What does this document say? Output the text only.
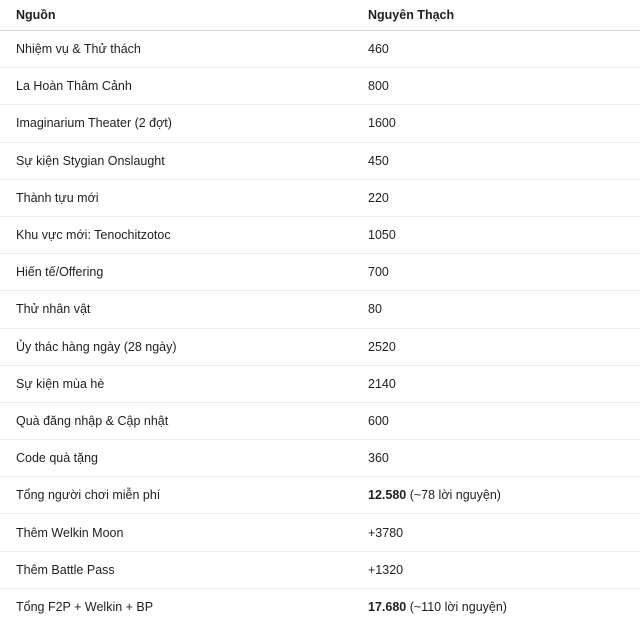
Nguồn	Nguyên Thạch
Nhiệm vụ & Thử thách	460
La Hoàn Thâm Cảnh	800
Imaginarium Theater (2 đợt)	1600
Sự kiện Stygian Onslaught	450
Thành tựu mới	220
Khu vực mới: Tenochitzotoc	1050
Hiến tế/Offering	700
Thử nhân vật	80
Ủy thác hàng ngày (28 ngày)	2520
Sự kiện mùa hè	2140
Quà đăng nhập & Cập nhật	600
Code quà tặng	360
Tổng người chơi miễn phí	12.580 (~78 lời nguyện)
Thêm Welkin Moon	+3780
Thêm Battle Pass	+1320
Tổng F2P + Welkin + BP	17.680 (~110 lời nguyện)
